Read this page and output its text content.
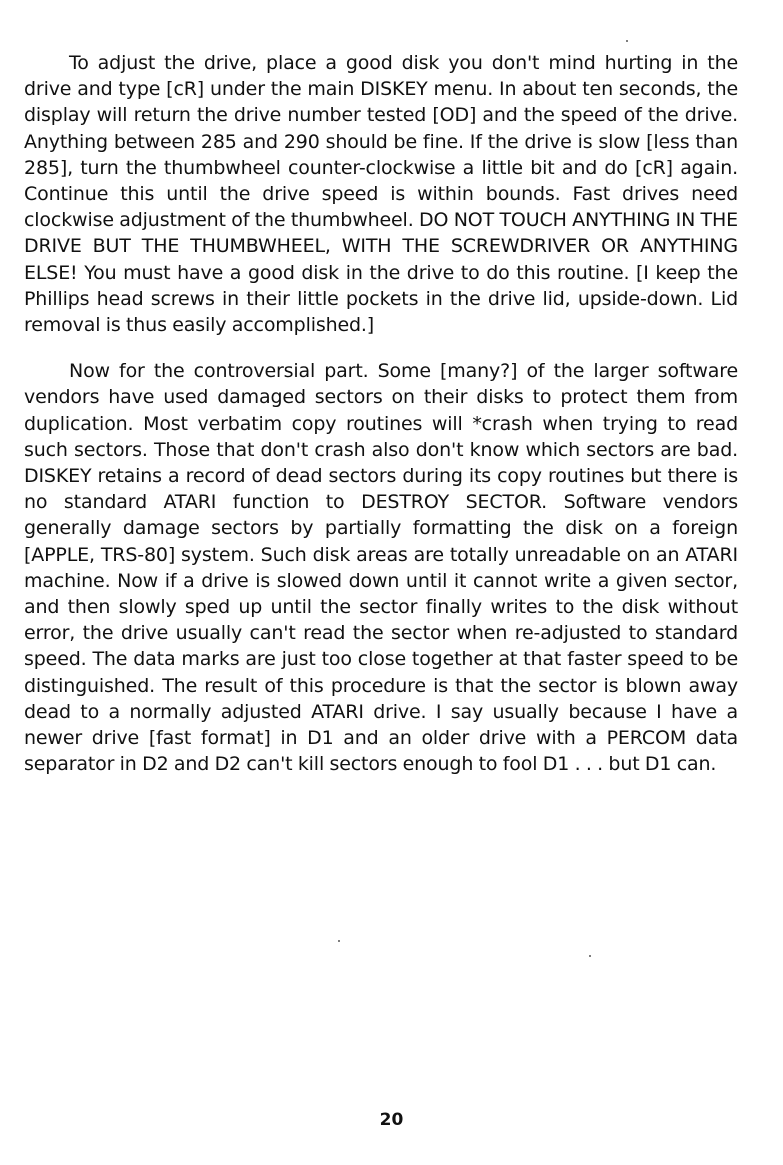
To adjust the drive, place a good disk you don't mind hurting in the drive and type [cR] under the main DISKEY menu. In about ten seconds, the display will return the drive number tested [OD] and the speed of the drive. Anything between 285 and 290 should be fine. If the drive is slow [less than 285], turn the thumbwheel counter-clockwise a little bit and do [cR] again. Continue this until the drive speed is within bounds. Fast drives need clockwise adjustment of the thumbwheel. DO NOT TOUCH ANYTHING IN THE DRIVE BUT THE THUMBWHEEL, WITH THE SCREWDRIVER OR ANYTHING ELSE! You must have a good disk in the drive to do this routine. [I keep the Phillips head screws in their little pockets in the drive lid, upside-down. Lid removal is thus easily accomplished.]

Now for the controversial part. Some [many?] of the larger software vendors have used damaged sectors on their disks to protect them from duplication. Most verbatim copy routines will *crash when trying to read such sectors. Those that don't crash also don't know which sectors are bad. DISKEY retains a record of dead sectors during its copy routines but there is no standard ATARI function to DESTROY SECTOR. Software vendors generally damage sectors by partially formatting the disk on a foreign [APPLE, TRS-80] system. Such disk areas are totally unreadable on an ATARI machine. Now if a drive is slowed down until it cannot write a given sector, and then slowly sped up until the sector finally writes to the disk without error, the drive usually can't read the sector when re-adjusted to standard speed. The data marks are just too close together at that faster speed to be distinguished. The result of this procedure is that the sector is blown away dead to a normally adjusted ATARI drive. I say usually because I have a newer drive [fast format] in D1 and an older drive with a PERCOM data separator in D2 and D2 can't kill sectors enough to fool D1 . . . but D1 can.

20
